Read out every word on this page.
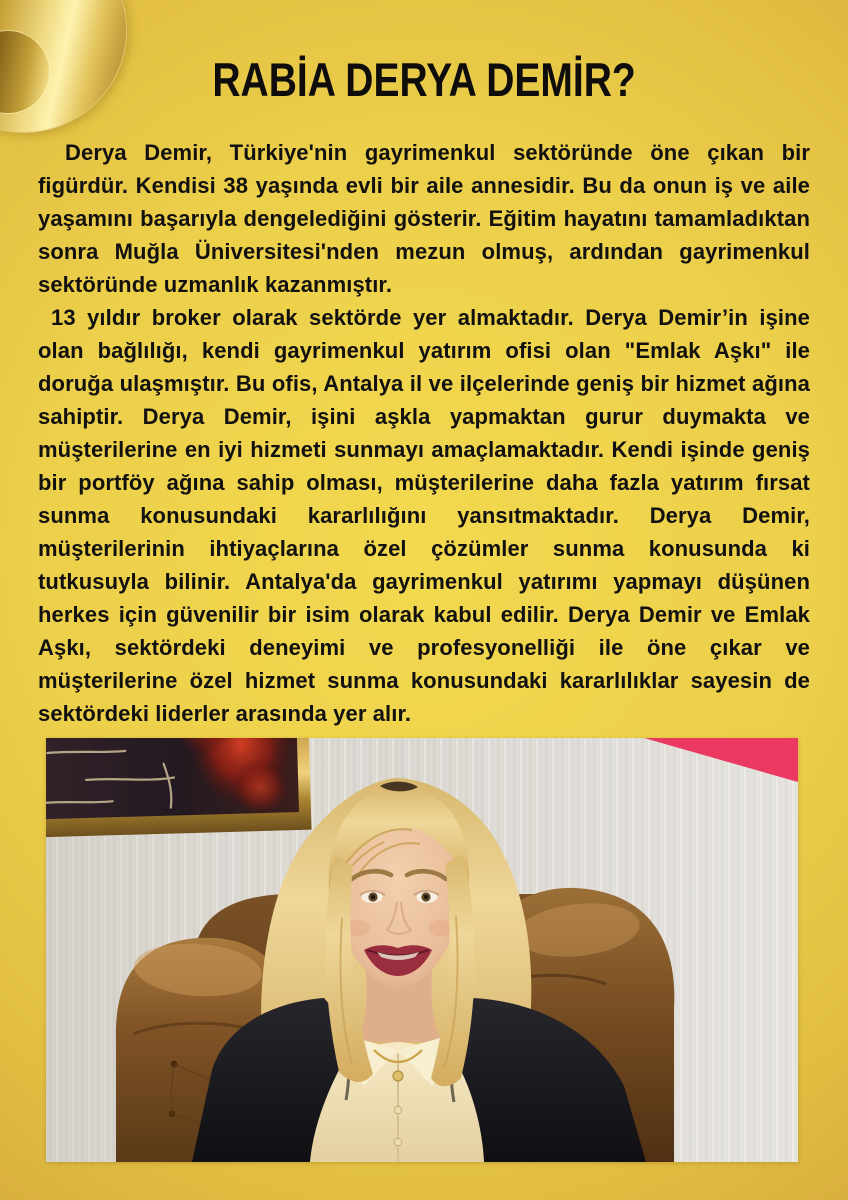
RABİA DERYA DEMİR?

Derya Demir, Türkiye'nin gayrimenkul sektöründe öne çıkan bir figürdür. Kendisi 38 yaşında evli bir aile annesidir. Bu da onun iş ve aile yaşamını başarıyla dengelediğini gösterir. Eğitim hayatını tamamladıktan sonra Muğla Üniversitesi'nden mezun olmuş, ardından gayrimenkul sektöründe uzmanlık kazanmıştır.

13 yıldır broker olarak sektörde yer almaktadır. Derya Demir’in işine olan bağlılığı, kendi gayrimenkul yatırım ofisi olan "Emlak Aşkı" ile doruğa ulaşmıştır. Bu ofis, Antalya il ve ilçelerinde geniş bir hizmet ağına sahiptir. Derya Demir, işini aşkla yapmaktan gurur duymakta ve müşterilerine en iyi hizmeti sunmayı amaçlamaktadır. Kendi işinde geniş bir portföy ağına sahip olması, müşterilerine daha fazla yatırım fırsat sunma konusundaki kararlılığını yansıtmaktadır. Derya Demir, müşterilerinin ihtiyaçlarına özel çözümler sunma konusunda ki tutkusuyla bilinir. Antalya'da gayrimenkul yatırımı yapmayı düşünen herkes için güvenilir bir isim olarak kabul edilir. Derya Demir ve Emlak Aşkı, sektördeki deneyimi ve profesyonelliği ile öne çıkar ve müşterilerine özel hizmet sunma konusundaki kararlılıklar sayesin de sektördeki liderler arasında yer alır.
